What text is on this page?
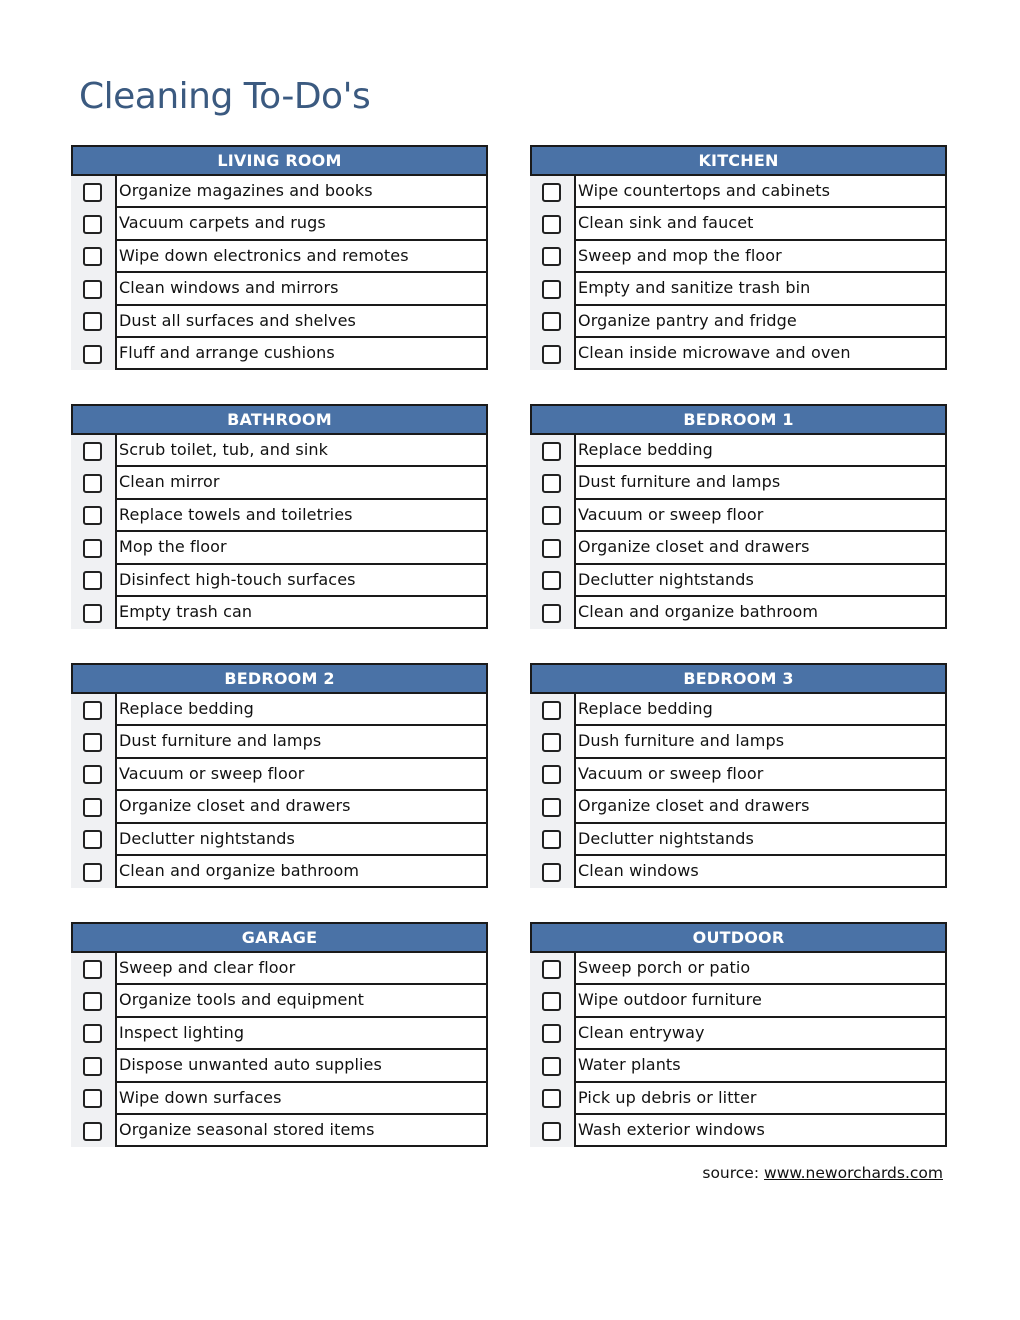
Cleaning To-Do's
LIVING ROOM
Organize magazines and books
Vacuum carpets and rugs
Wipe down electronics and remotes
Clean windows and mirrors
Dust all surfaces and shelves
Fluff and arrange cushions
KITCHEN
Wipe countertops and cabinets
Clean sink and faucet
Sweep and mop the floor
Empty and sanitize trash bin
Organize pantry and fridge
Clean inside microwave and oven
BATHROOM
Scrub toilet, tub, and sink
Clean mirror
Replace towels and toiletries
Mop the floor
Disinfect high-touch surfaces
Empty trash can
BEDROOM 1
Replace bedding
Dust furniture and lamps
Vacuum or sweep floor
Organize closet and drawers
Declutter nightstands
Clean and organize bathroom
BEDROOM 2
Replace bedding
Dust furniture and lamps
Vacuum or sweep floor
Organize closet and drawers
Declutter nightstands
Clean and organize bathroom
BEDROOM 3
Replace bedding
Dush furniture and lamps
Vacuum or sweep floor
Organize closet and drawers
Declutter nightstands
Clean windows
GARAGE
Sweep and clear floor
Organize tools and equipment
Inspect lighting
Dispose unwanted auto supplies
Wipe down surfaces
Organize seasonal stored items
OUTDOOR
Sweep porch or patio
Wipe outdoor furniture
Clean entryway
Water plants
Pick up debris or litter
Wash exterior windows
source: www.neworchards.com
